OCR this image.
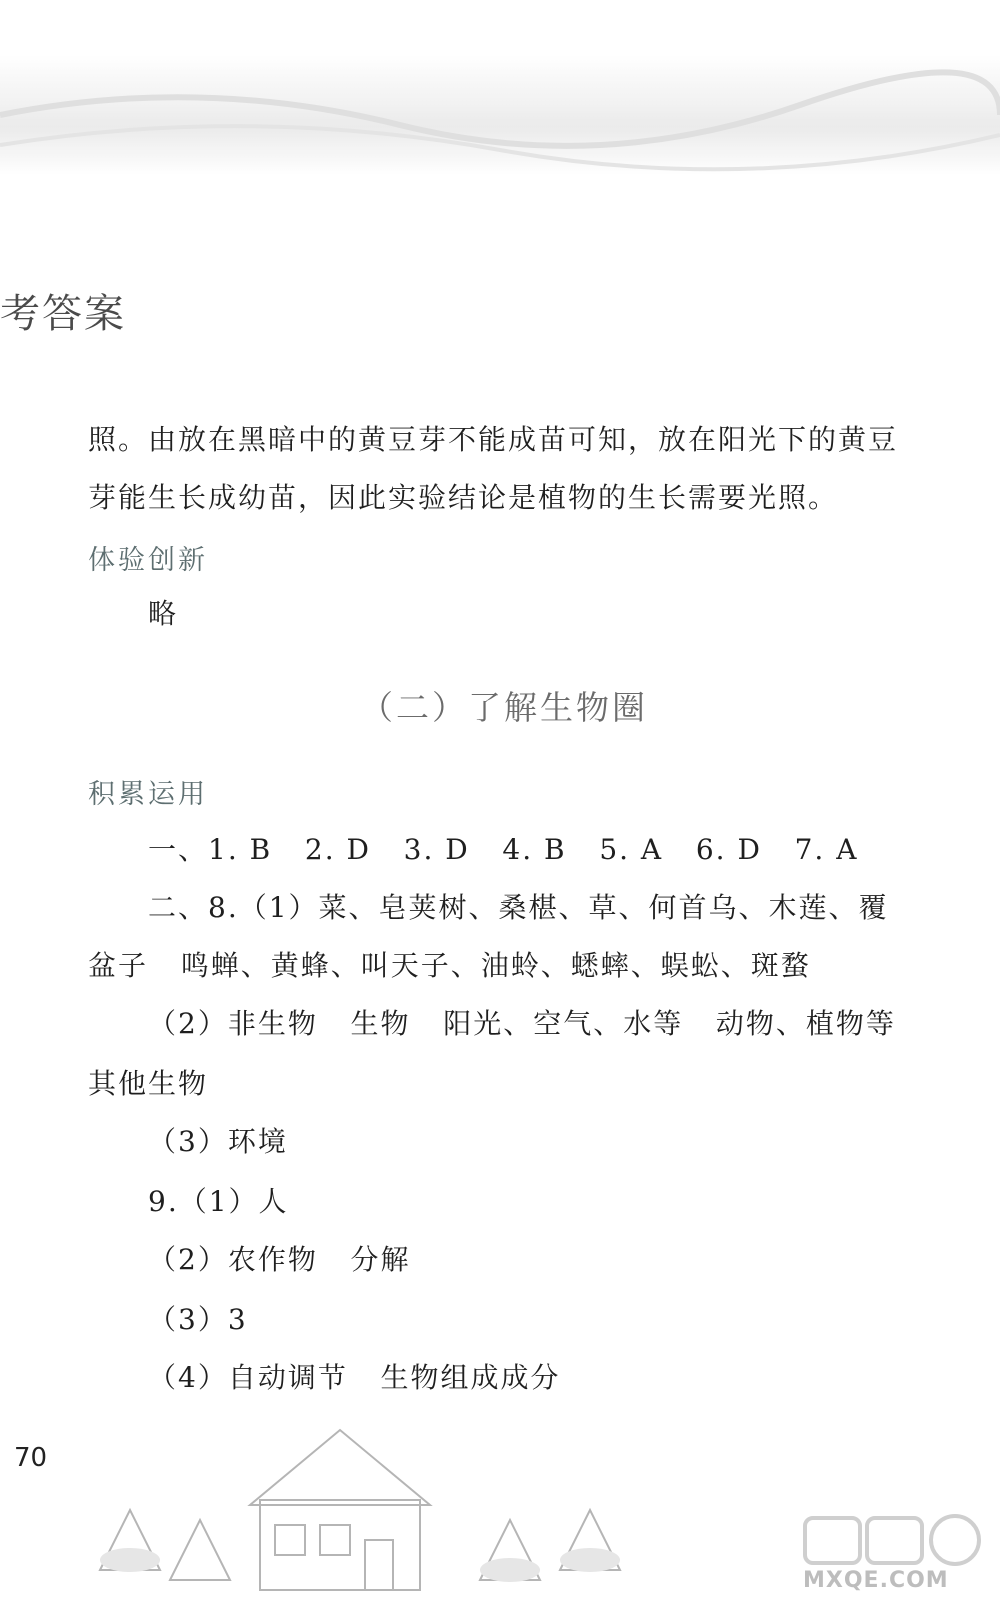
考答案
照。由放在黑暗中的黄豆芽不能成苗可知，放在阳光下的黄豆
芽能生长成幼苗，因此实验结论是植物的生长需要光照。
体验创新
略
（二）了解生物圈
积累运用
一、1. B   2. D   3. D   4. B   5. A   6. D   7. A
二、8.（1）菜、皂荚树、桑椹、草、何首乌、木莲、覆
盆子   鸣蝉、黄蜂、叫天子、油蛉、蟋蟀、蜈蚣、斑蝥
（2）非生物   生物   阳光、空气、水等   动物、植物等
其他生物
（3）环境
9.（1）人
（2）农作物   分解
（3）3
（4）自动调节   生物组成成分
70
MXQE.COM
